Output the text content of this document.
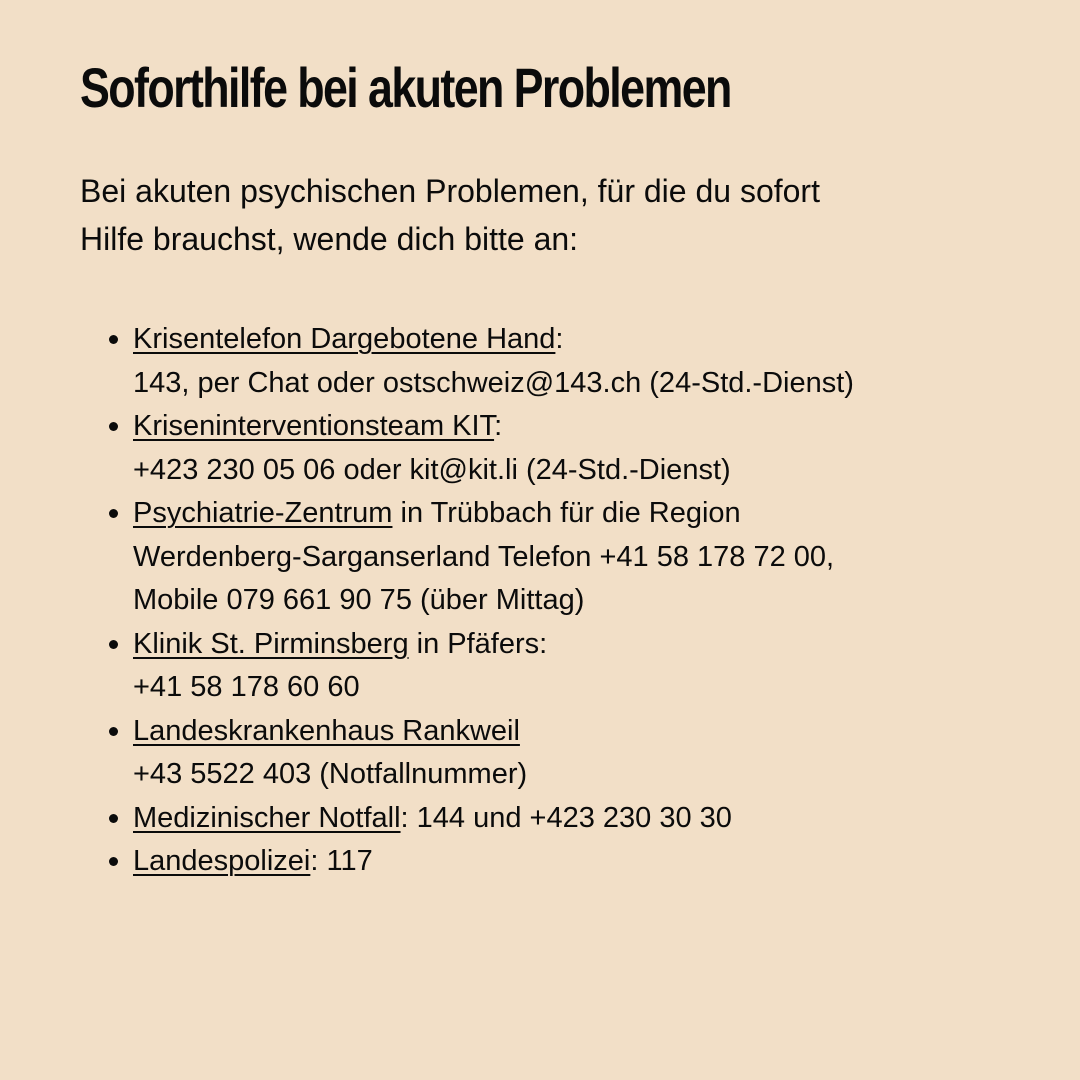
Soforthilfe bei akuten Problemen

Bei akuten psychischen Problemen, für die du sofort
Hilfe brauchst, wende dich bitte an:

Krisentelefon Dargebotene Hand:
143, per Chat oder ostschweiz@143.ch (24-Std.-Dienst)
Kriseninterventionsteam KIT:
+423 230 05 06 oder kit@kit.li (24-Std.-Dienst)
Psychiatrie-Zentrum in Trübbach für die Region
Werdenberg-Sarganserland Telefon +41 58 178 72 00,
Mobile 079 661 90 75 (über Mittag)
Klinik St. Pirminsberg in Pfäfers:
+41 58 178 60 60
Landeskrankenhaus Rankweil
+43 5522 403 (Notfallnummer)
Medizinischer Notfall: 144 und +423 230 30 30
Landespolizei: 117
